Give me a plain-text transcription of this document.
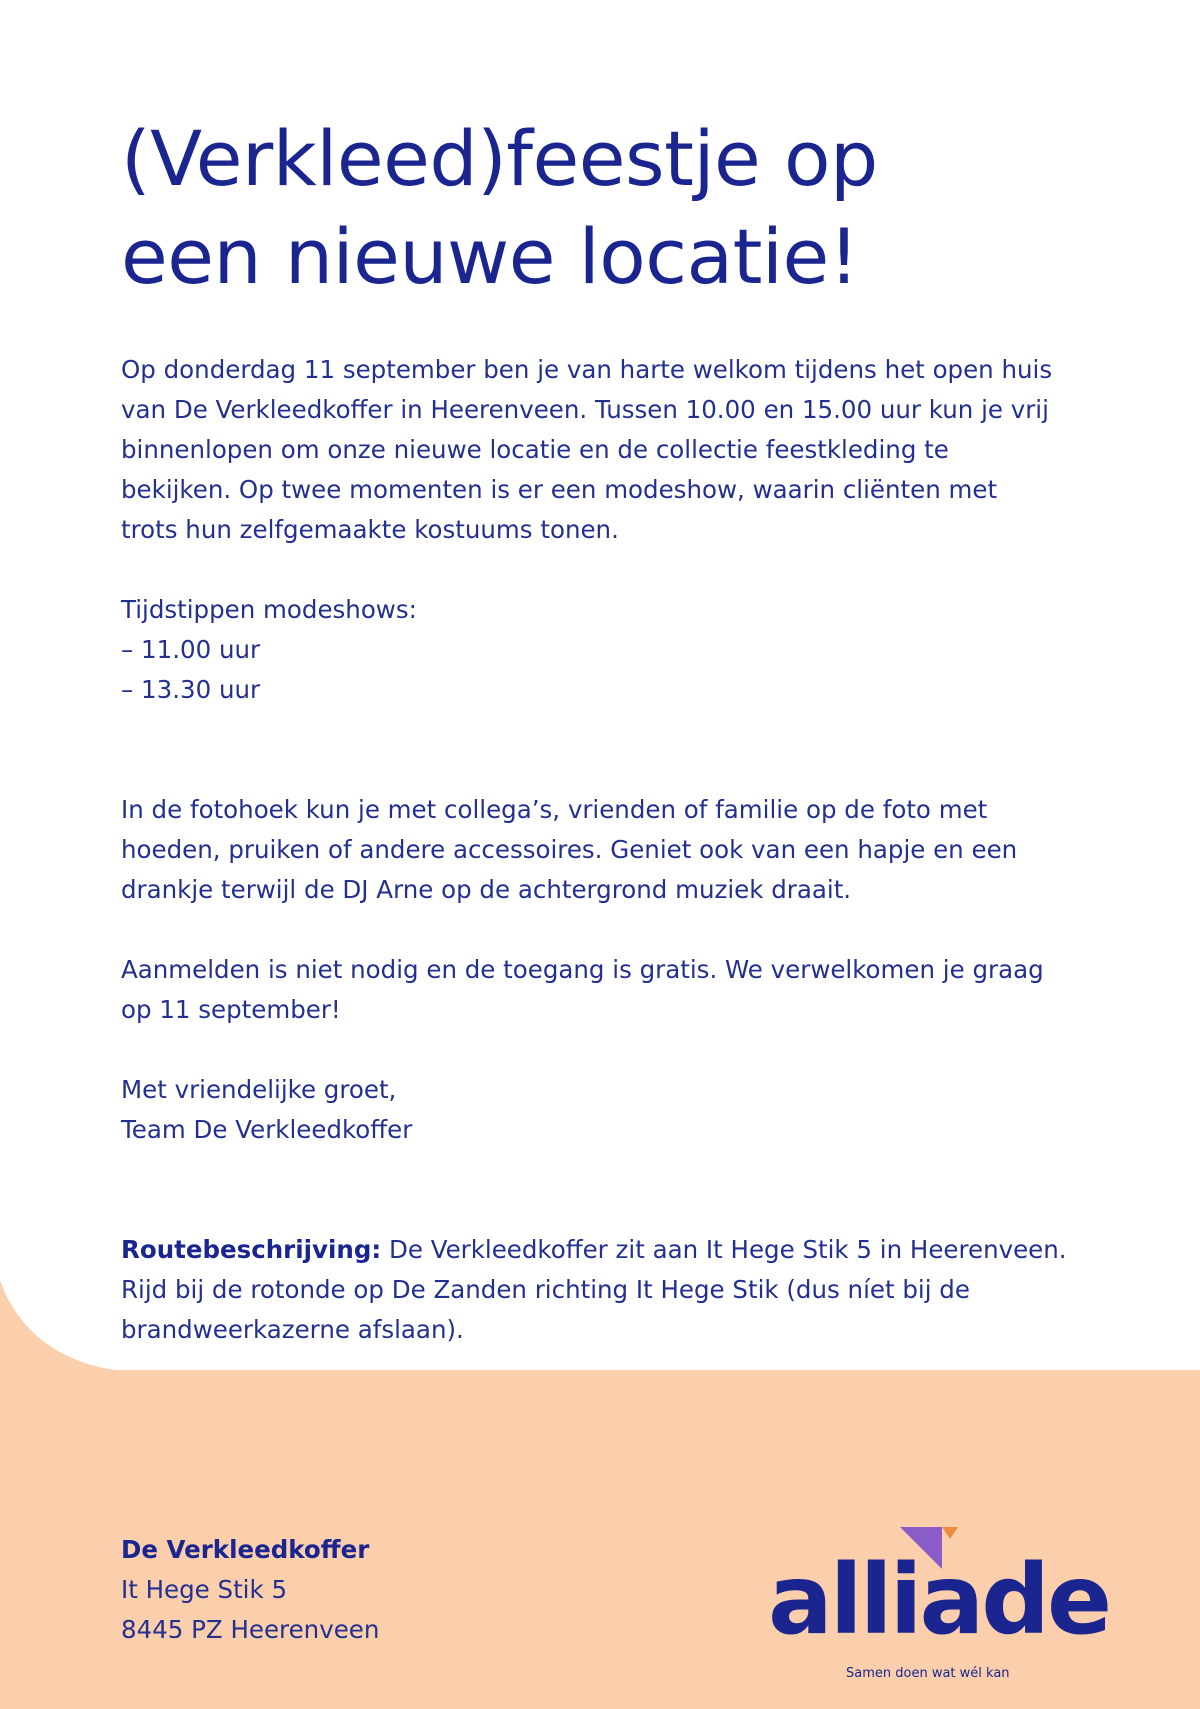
(Verkleed)feestje op
een nieuwe locatie!

Op donderdag 11 september ben je van harte welkom tijdens het open huis
van De Verkleedkoffer in Heerenveen. Tussen 10.00 en 15.00 uur kun je vrij
binnenlopen om onze nieuwe locatie en de collectie feestkleding te
bekijken. Op twee momenten is er een modeshow, waarin cliënten met
trots hun zelfgemaakte kostuums tonen.

Tijdstippen modeshows:
– 11.00 uur
– 13.30 uur

In de fotohoek kun je met collega’s, vrienden of familie op de foto met
hoeden, pruiken of andere accessoires. Geniet ook van een hapje en een
drankje terwijl de DJ Arne op de achtergrond muziek draait.

Aanmelden is niet nodig en de toegang is gratis. We verwelkomen je graag
op 11 september!

Met vriendelijke groet,
Team De Verkleedkoffer

Routebeschrijving: De Verkleedkoffer zit aan It Hege Stik 5 in Heerenveen.
Rijd bij de rotonde op De Zanden richting It Hege Stik (dus níet bij de
brandweerkazerne afslaan).

De Verkleedkoffer
It Hege Stik 5
8445 PZ Heerenveen	alliade
Samen doen wat wél kan
